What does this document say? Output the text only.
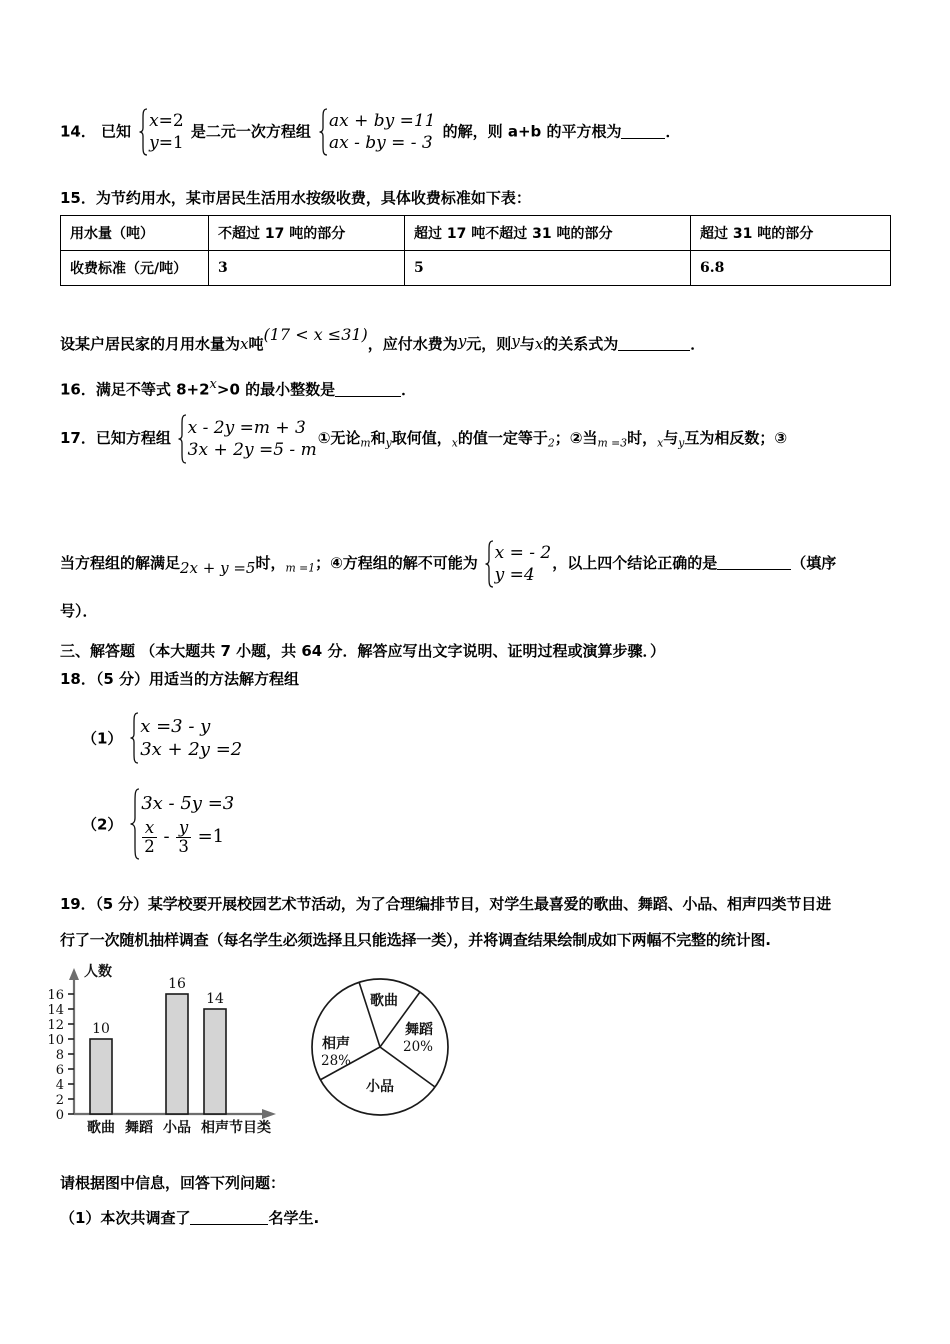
14． 已知
x=2
y=1
是二元一次方程组
ax + by =11
ax - by = - 3
的解，则 a+b 的平方根为	．
15．为节约用水，某市居民生活用水按级收费，具体收费标准如下表：
用水量（吨）	不超过 17 吨的部分	超过 17 吨不超过 31 吨的部分	超过 31 吨的部分
收费标准（元/吨）	3	5	6.8
设某户居民家的月用水量为x吨(17 < x ≤31)，应付水费为y元，则y与x的关系式为	．
16．满足不等式 8+2x>0 的最小整数是	．
17．已知方程组
x - 2y =m + 3
3x + 2y =5 - m
①无论$_m$和$_y$取何值，$_x$的值一定等于$_2$；②当$_{m =3}$时，$_x$与$_y$互为相反数；③
当方程组的解满足2x + y =5时，$_{m =1}$；④方程组的解不可能为
x = - 2
y =4
，以上四个结论正确的是	（填序
号）．
三、解答题 （本大题共 7 小题，共 64 分．解答应写出文字说明、证明过程或演算步骤．）
18．（5 分）用适当的方法解方程组
（1）
x =3 - y
3x + 2y =2
（2）
3x - 5y =3
$\frac{x}{2} - \frac{y}{3} =1$
19．（5 分）某学校要开展校园艺术节活动，为了合理编排节目，对学生最喜爱的歌曲、舞蹈、小品、相声四类节目进
行了一次随机抽样调查（每名学生必须选择且只能选择一类），并将调查结果绘制成如下两幅不完整的统计图.
人数
0
2
4
6
8
10
12
14
16
10
16
14
歌曲 舞蹈 小品 相声 节目类
歌曲
舞蹈
20%
小品
相声
28%
请根据图中信息，回答下列问题：
（1）本次共调查了	名学生.
